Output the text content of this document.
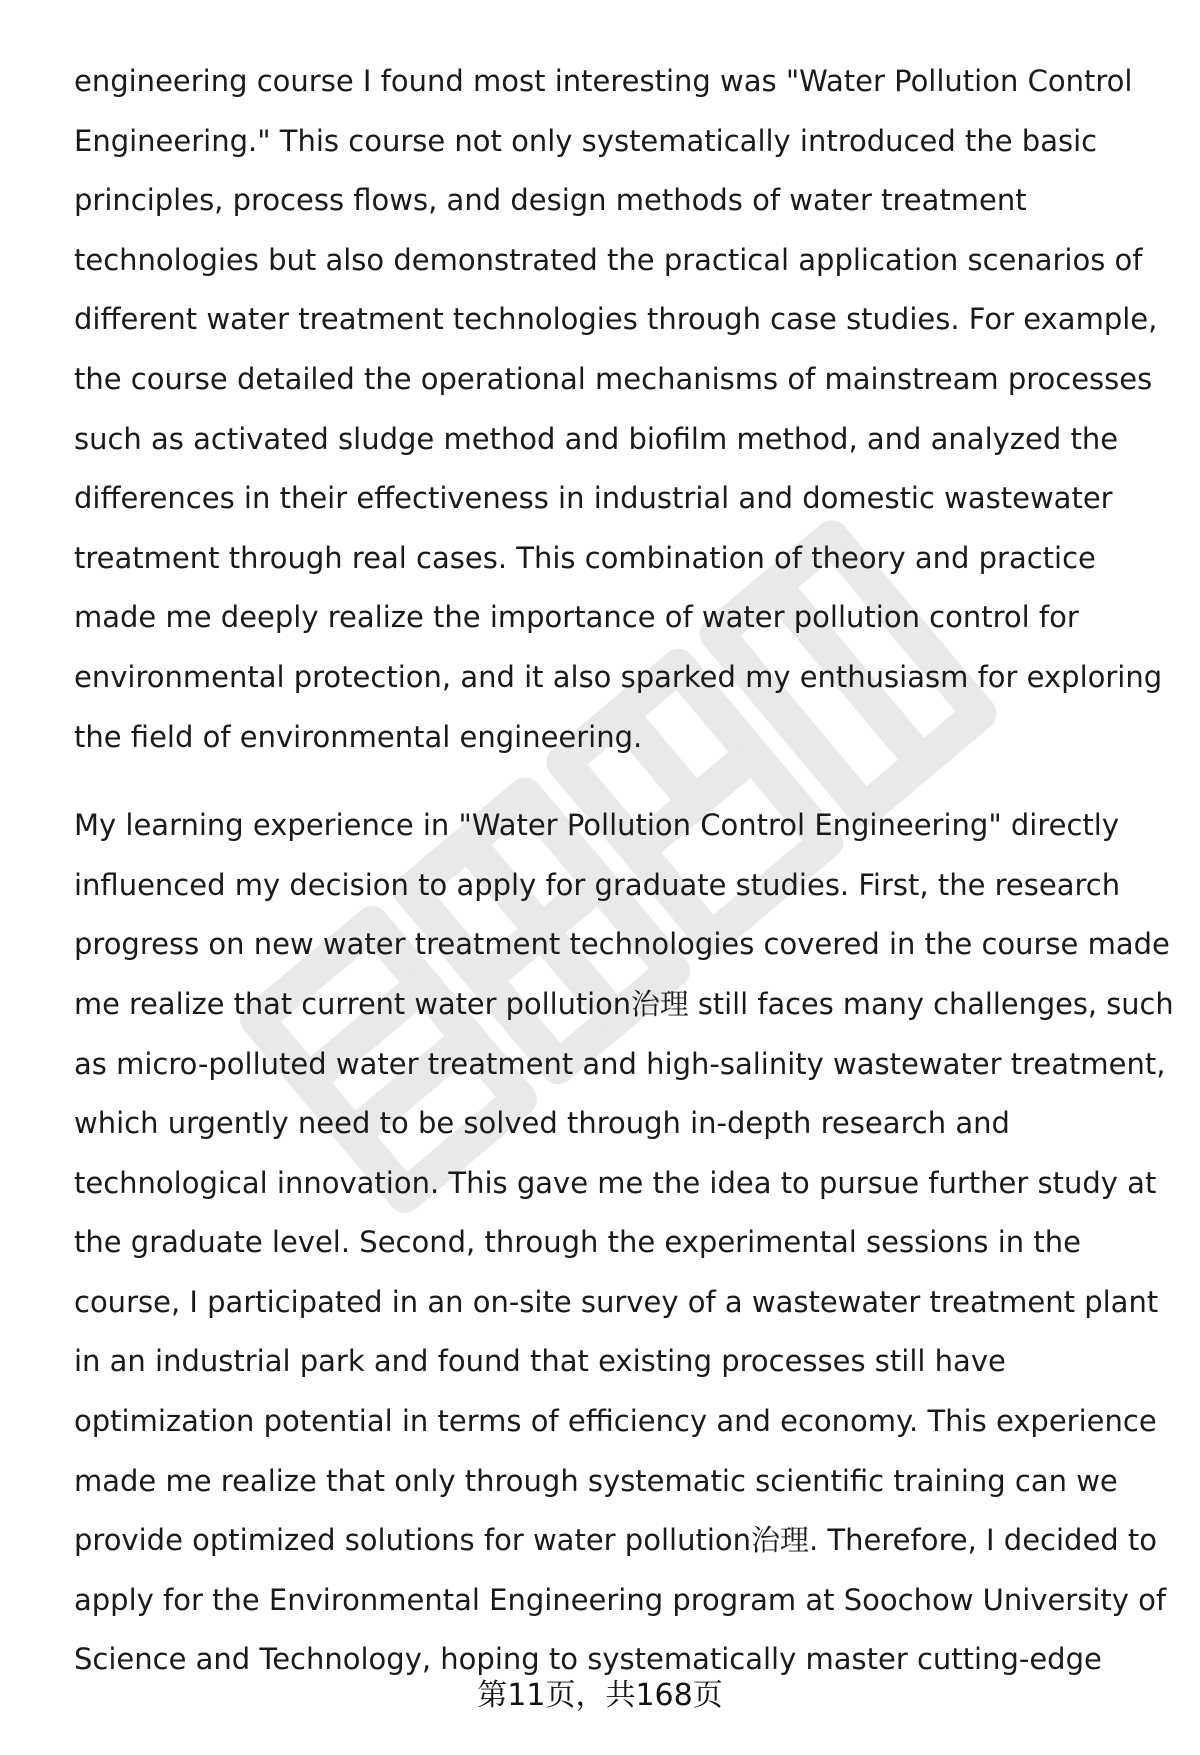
engineering course I found most interesting was "Water Pollution Control
Engineering." This course not only systematically introduced the basic
principles, process flows, and design methods of water treatment
technologies but also demonstrated the practical application scenarios of
different water treatment technologies through case studies. For example,
the course detailed the operational mechanisms of mainstream processes
such as activated sludge method and biofilm method, and analyzed the
differences in their effectiveness in industrial and domestic wastewater
treatment through real cases. This combination of theory and practice
made me deeply realize the importance of water pollution control for
environmental protection, and it also sparked my enthusiasm for exploring
the field of environmental engineering.
My learning experience in "Water Pollution Control Engineering" directly
influenced my decision to apply for graduate studies. First, the research
progress on new water treatment technologies covered in the course made
me realize that current water pollution治理 still faces many challenges, such
as micro-polluted water treatment and high-salinity wastewater treatment,
which urgently need to be solved through in-depth research and
technological innovation. This gave me the idea to pursue further study at
the graduate level. Second, through the experimental sessions in the
course, I participated in an on-site survey of a wastewater treatment plant
in an industrial park and found that existing processes still have
optimization potential in terms of efficiency and economy. This experience
made me realize that only through systematic scientific training can we
provide optimized solutions for water pollution治理. Therefore, I decided to
apply for the Environmental Engineering program at Soochow University of
Science and Technology, hoping to systematically master cutting-edge
第11页，共168页
